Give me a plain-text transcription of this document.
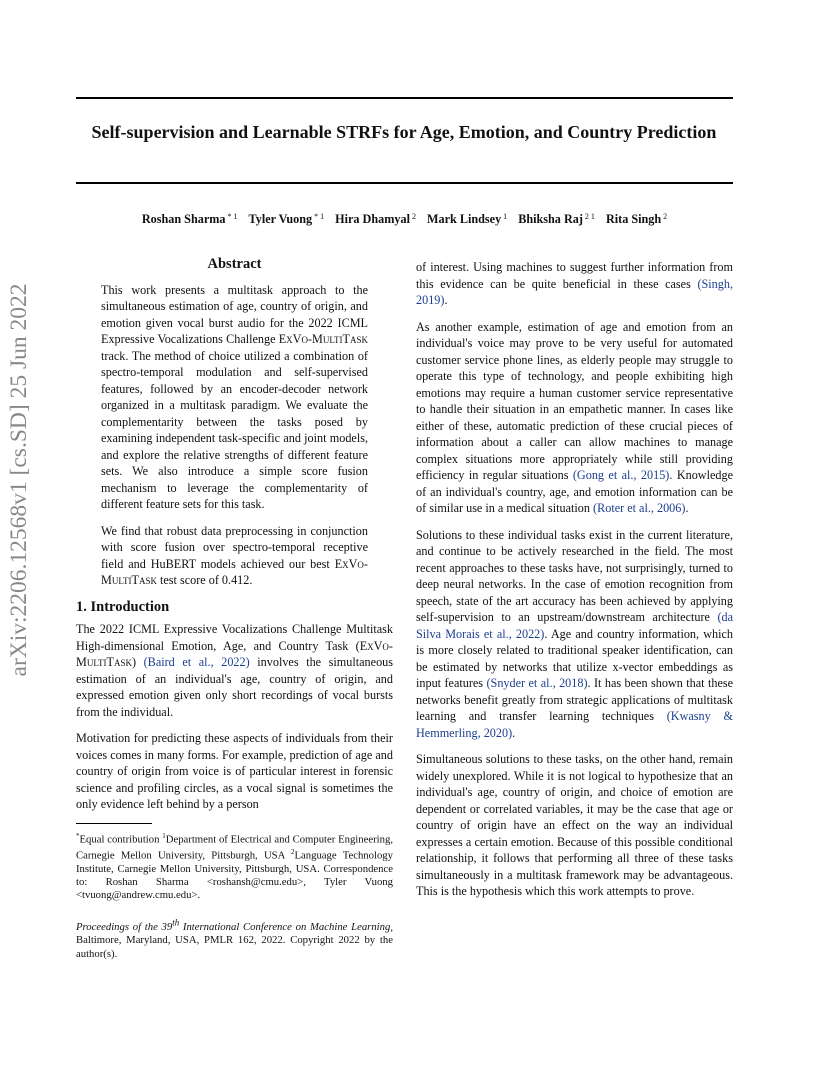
arXiv:2206.12568v1 [cs.SD] 25 Jun 2022
Self-supervision and Learnable STRFs for Age, Emotion, and Country Prediction
Roshan Sharma $^{* 1}$ Tyler Vuong $^{* 1}$ Hira Dhamyal $^2$ Mark Lindsey $^1$ Bhiksha Raj $^{2 1}$ Rita Singh $^2$
Abstract
This work presents a multitask approach to the simultaneous estimation of age, country of origin, and emotion given vocal burst audio for the 2022 ICML Expressive Vocalizations Challenge ExVo-MultiTask track. The method of choice utilized a combination of spectro-temporal modulation and self-supervised features, followed by an encoder-decoder network organized in a multitask paradigm. We evaluate the complementarity between the tasks posed by examining independent task-specific and joint models, and explore the relative strengths of different feature sets. We also introduce a simple score fusion mechanism to leverage the complementarity of different feature sets for this task.
We find that robust data preprocessing in conjunction with score fusion over spectro-temporal receptive field and HuBERT models achieved our best ExVo-MultiTask test score of 0.412.
1. Introduction

The 2022 ICML Expressive Vocalizations Challenge Multitask High-dimensional Emotion, Age, and Country Task (ExVo-MultiTask) (Baird et al., 2022) involves the simultaneous estimation of an individual's age, country of origin, and expressed emotion given only short recordings of vocal bursts from the individual.

Motivation for predicting these aspects of individuals from their voices comes in many forms. For example, prediction of age and country of origin from voice is of particular interest in forensic science and profiling circles, as a vocal signal is sometimes the only evidence left behind by a person

*Equal contribution $^1$Department of Electrical and Computer Engineering, Carnegie Mellon University, Pittsburgh, USA $^2$Language Technology Institute, Carnegie Mellon University, Pittsburgh, USA. Correspondence to: Roshan Sharma <roshansh@cmu.edu>, Tyler Vuong <tvuong@andrew.cmu.edu>.
Proceedings of the 39th International Conference on Machine Learning, Baltimore, Maryland, USA, PMLR 162, 2022. Copyright 2022 by the author(s).

of interest. Using machines to suggest further information from this evidence can be quite beneficial in these cases (Singh, 2019).

As another example, estimation of age and emotion from an individual's voice may prove to be very useful for automated customer service phone lines, as elderly people may struggle to operate this type of technology, and people exhibiting high emotions may require a human customer service representative to handle their situation in an empathetic manner. In cases like either of these, automatic prediction of these crucial pieces of information about a caller can allow machines to manage complex situations more appropriately while still providing efficiency in regular situations (Gong et al., 2015). Knowledge of an individual's country, age, and emotion information can be of similar use in a medical situation (Roter et al., 2006).

Solutions to these individual tasks exist in the current literature, and continue to be actively researched in the field. The most recent approaches to these tasks have, not surprisingly, turned to deep neural networks. In the case of emotion recognition from speech, state of the art accuracy has been achieved by applying self-supervision to an upstream/downstream architecture (da Silva Morais et al., 2022). Age and country information, which is more closely related to traditional speaker identification, can be estimated by networks that utilize x-vector embeddings as input features (Snyder et al., 2018). It has been shown that these networks benefit greatly from strategic applications of multitask learning and transfer learning techniques (Kwasny & Hemmerling, 2020).

Simultaneous solutions to these tasks, on the other hand, remain widely unexplored. While it is not logical to hypothesize that an individual's age, country of origin, and choice of emotion are dependent or correlated variables, it may be the case that age or country of origin have an effect on the way an individual expresses a certain emotion. Because of this possible conditional relationship, it follows that performing all three of these tasks simultaneously in a multitask framework may be advantageous. This is the hypothesis which this work attempts to prove.
